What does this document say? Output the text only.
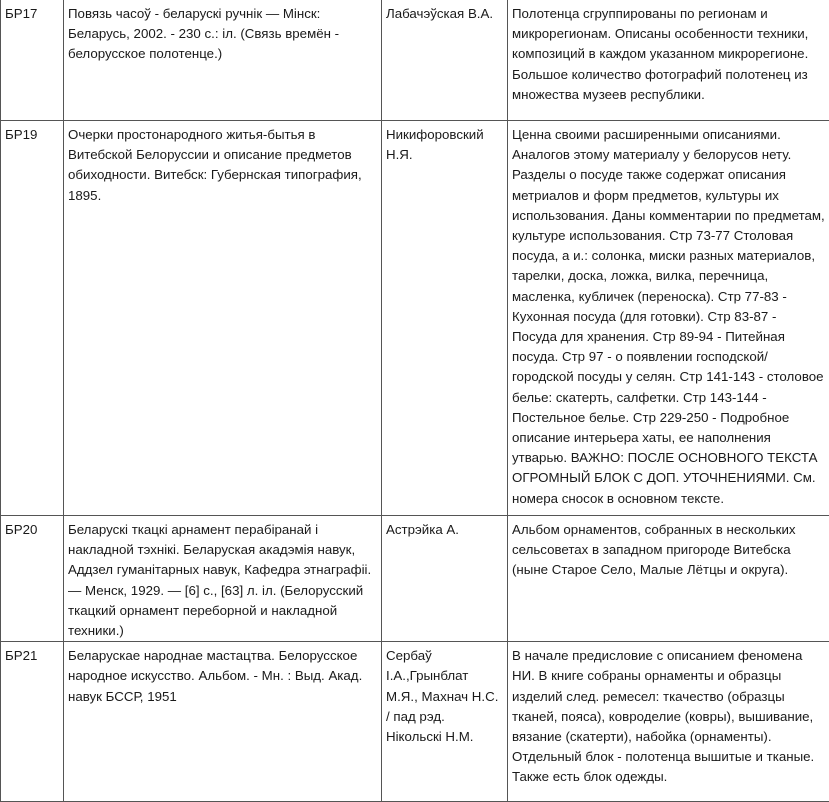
БР17	Повязь часоў - беларускі ручнік — Мінск: Беларусь, 2002. - 230 с.: іл. (Связь времён - белорусское полотенце.)	Лабачэўская В.А.	Полотенца сгруппированы по регионам и микрорегионам. Описаны особенности техники, композиций в каждом указанном микрорегионе. Большое количество фотографий полотенец из множества музеев республики.
БР19	Очерки простонародного житья-бытья в Витебской Белоруссии и описание предметов обиходности. Витебск: Губернская типография, 1895.	Никифоровский Н.Я.	Ценна своими расширенными описаниями. Аналогов этому материалу у белорусов нету. Разделы о посуде также содержат описания метриалов и форм предметов, культуры их использования. Даны комментарии по предметам, культуре использования. Стр 73-77 Столовая посуда, а и.: солонка, миски разных материалов, тарелки, доска, ложка, вилка, перечница, масленка, кубличек (переноска). Стр 77-83 - Кухонная посуда (для готовки). Стр 83-87 - Посуда для хранения. Стр 89-94 - Питейная посуда. Стр 97 - о появлении господской/городской посуды у селян. Стр 141-143 - столовое белье: скатерть, салфетки. Стр 143-144 - Постельное белье. Стр 229-250 - Подробное описание интерьера хаты, ее наполнения утварью. ВАЖНО: ПОСЛЕ ОСНОВНОГО ТЕКСТА ОГРОМНЫЙ БЛОК С ДОП. УТОЧНЕНИЯМИ. См. номера сносок в основном тексте.
БР20	Беларускі ткацкі арнамент перабіранай і накладной тэхнікі. Беларуская акадэмія навук, Аддзел гуманітарных навук, Кафедра этнаграфіі. — Менск, 1929. — [6] с., [63] л. іл. (Белорусский ткацкий орнамент переборной и накладной техники.)	Астрэйка А.	Альбом орнаментов, собранных в нескольких сельсоветах в западном пригороде Витебска (ныне Старое Село, Малые Лётцы и округа).
БР21	Беларускае народнае мастацтва. Белорусское народное искусство. Альбом. - Мн. : Выд. Акад. навук БССР, 1951	Сербаў І.А.,Грынблат М.Я., Махнач Н.С. / пад рэд. Нікольскі Н.М.	В начале предисловие с описанием феномена НИ. В книге собраны орнаменты и образцы изделий след. ремесел: ткачество (образцы тканей, пояса), ковроделие (ковры), вышивание, вязание (скатерти), набойка (орнаменты). Отдельный блок - полотенца вышитые и тканые. Также есть блок одежды.
